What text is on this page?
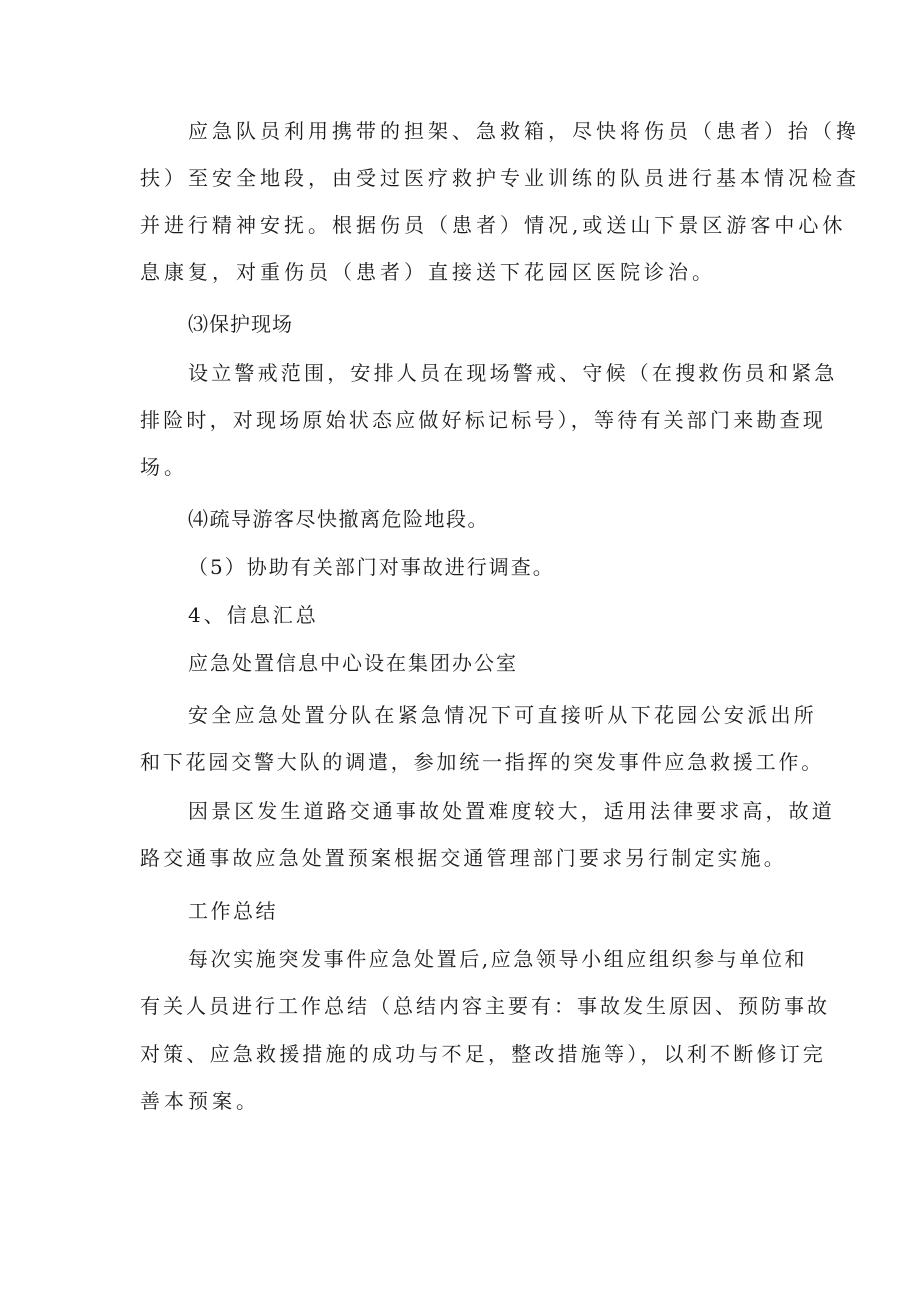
应急队员利用携带的担架、急救箱，尽快将伤员（患者）抬（搀
扶）至安全地段，由受过医疗救护专业训练的队员进行基本情况检查
并进行精神安抚。根据伤员（患者）情况,或送山下景区游客中心休
息康复，对重伤员（患者）直接送下花园区医院诊治。
⑶保护现场
设立警戒范围，安排人员在现场警戒、守候（在搜救伤员和紧急
排险时，对现场原始状态应做好标记标号），等待有关部门来勘查现
场。
⑷疏导游客尽快撤离危险地段。
（5）协助有关部门对事故进行调查。
4、信息汇总
应急处置信息中心设在集团办公室
安全应急处置分队在紧急情况下可直接听从下花园公安派出所
和下花园交警大队的调遣，参加统一指挥的突发事件应急救援工作。
因景区发生道路交通事故处置难度较大，适用法律要求高，故道
路交通事故应急处置预案根据交通管理部门要求另行制定实施。
工作总结
每次实施突发事件应急处置后,应急领导小组应组织参与单位和
有关人员进行工作总结（总结内容主要有：事故发生原因、预防事故
对策、应急救援措施的成功与不足，整改措施等），以利不断修订完
善本预案。
